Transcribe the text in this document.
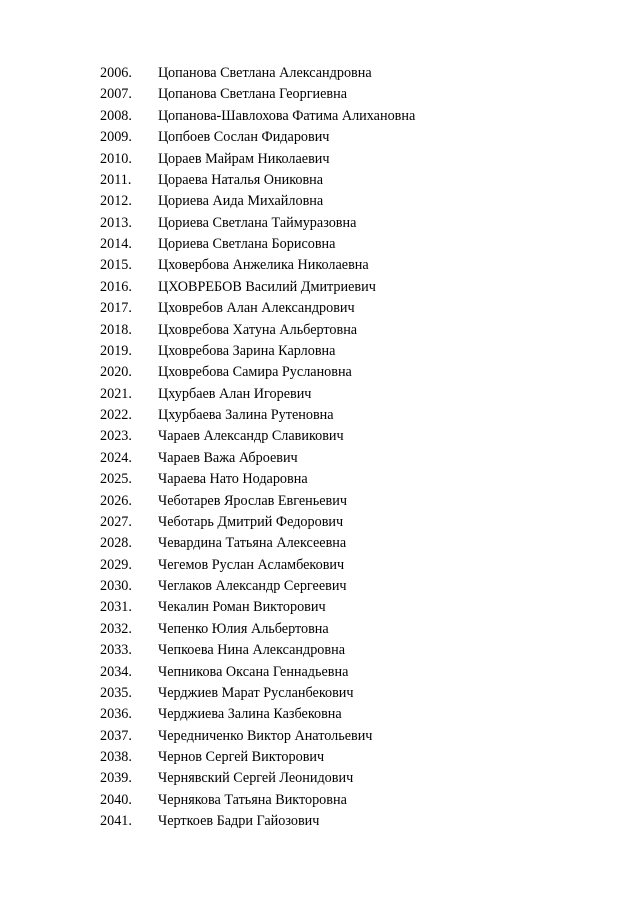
2006. Цопанова Светлана Александровна
2007. Цопанова Светлана Георгиевна
2008. Цопанова-Шавлохова Фатима Алихановна
2009. Цопбоев Сослан Фидарович
2010. Цораев Майрам Николаевич
2011. Цораева Наталья Ониковна
2012. Цориева Аида Михайловна
2013. Цориева Светлана Таймуразовна
2014. Цориева Светлана Борисовна
2015. Цховербова Анжелика Николаевна
2016. ЦХОВРЕБОВ Василий Дмитриевич
2017. Цховребов Алан Александрович
2018. Цховребова Хатуна Альбертовна
2019. Цховребова Зарина Карловна
2020. Цховребова Самира Руслановна
2021. Цхурбаев Алан Игоревич
2022. Цхурбаева Залина Рутеновна
2023. Чараев Александр Славикович
2024. Чараев Важа Аброевич
2025. Чараева Нато Нодаровна
2026. Чеботарев Ярослав Евгеньевич
2027. Чеботарь Дмитрий Федорович
2028. Чевардина Татьяна Алексеевна
2029. Чегемов Руслан Асламбекович
2030. Чеглаков Александр Сергеевич
2031. Чекалин Роман Викторович
2032. Чепенко Юлия Альбертовна
2033. Чепкоева Нина Александровна
2034. Чепникова Оксана Геннадьевна
2035. Черджиев Марат Русланбекович
2036. Черджиева Залина Казбековна
2037. Чередниченко Виктор Анатольевич
2038. Чернов Сергей Викторович
2039. Чернявский Сергей Леонидович
2040. Чернякова Татьяна Викторовна
2041. Черткоев Бадри Гайозович
